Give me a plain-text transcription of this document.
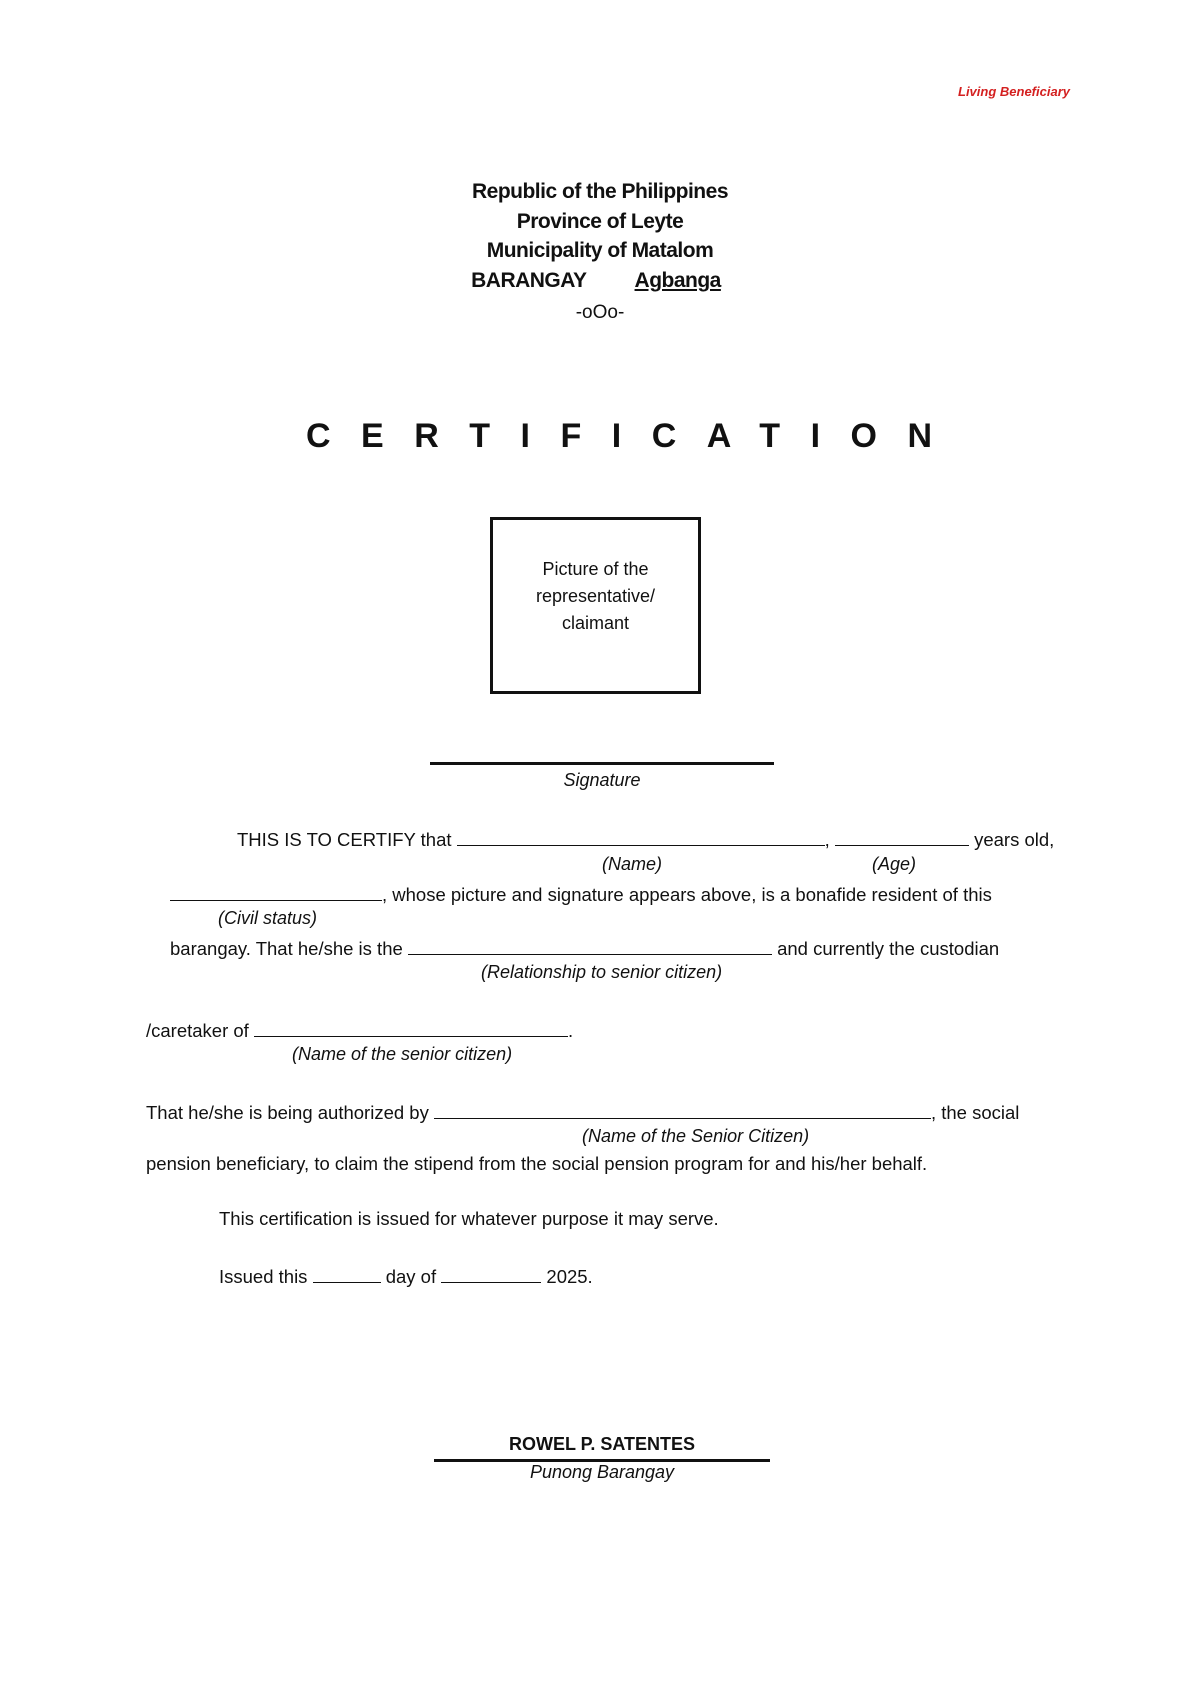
Living Beneficiary
Republic of the Philippines
Province of Leyte
Municipality of Matalom
BARANGAY Agbanga
-oOo-
CERTIFICATION
Picture of the
representative/
claimant
Signature
THIS IS TO CERTIFY that	,	years old,
(Name)	(Age)
, whose picture and signature appears above, is a bonafide resident of this
(Civil status)
barangay. That he/she is the	and currently the custodian
(Relationship to senior citizen)
/caretaker of	.
(Name of the senior citizen)
That he/she is being authorized by	, the social
(Name of the Senior Citizen)
pension beneficiary, to claim the stipend from the social pension program for and his/her behalf.
This certification is issued for whatever purpose it may serve.
Issued this	day of	2025.
ROWEL P. SATENTES
Punong Barangay
